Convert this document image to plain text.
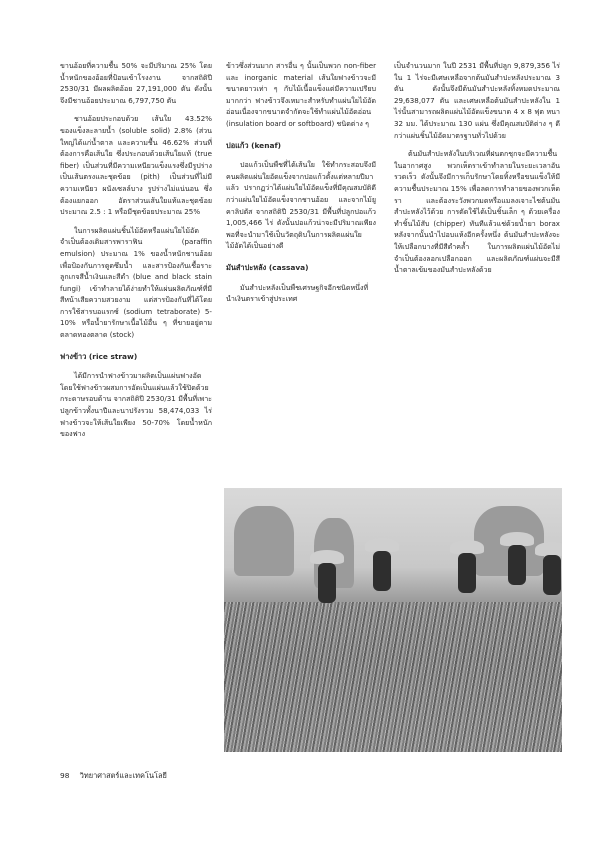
ขานอ้อยที่ความชื้น 50% จะมีปริมาณ 25% โดยน้ำหนักของอ้อยที่ป้อนเข้าโรงงาน จากสถิติปี 2530/31 มีผลผลิตอ้อย 27,191,000 ตัน ดังนั้นจึงมีชานอ้อยประมาณ 6,797,750 ตัน

ชานอ้อยประกอบด้วย เส้นใย 43.52% ของแข็งละลายน้ำ (soluble solid) 2.8% (ส่วนใหญ่ได้แก่น้ำตาล และความชื้น 46.62% ส่วนที่ต้องการคือเส้นใย ซึ่งประกอบด้วยเส้นใยแท้ (true fiber) เป็นส่วนที่มีความเหนียวแข็งแรงซึ่งมีรูปร่างเป็นเส้นตรงและชุดข้อย (pith) เป็นส่วนที่ไม่มีความเหนียว ผนังเซลล์บาง รูปร่างไม่แน่นอน ซึ่งต้องแยกออก อัตราส่วนเส้นใยแท้และชุดข้อยประมาณ 2.5 : 1 หรือมีชุดข้อยประมาณ 25%

ในการผลิตแผ่นชิ้นไม้อัดหรือแผ่นใยไม้อัด จำเป็นต้องเติมสารพาราฟิน (paraffin emulsion) ประมาณ 1% ของน้ำหนักชานอ้อย เพื่อป้องกันการดูดซึมน้ำ และสารป้องกันเชื้อราะลูกเกจสีน้ำเงินและสีดำ (blue and black stain fungi) เข้าทำลายได้ง่ายทำให้แผ่นผลิตภัณฑ์ที่มีสีหน้าเสียความสวยงาม แต่สารป้องกันที่ได้โดยการใช้สารบอแรกซ์ (sodium tetraborate) 5-10% หรือน้ำยารักษาเนื้อไม้อื่น ๆ ที่ขายอยู่ตามตลาดทองตลาด (stock)

ฟางข้าว (rice straw)

ได้มีการนำฟางข้าวมาผลิตเป็นแผ่นฟางอัด โดยใช้ฟางข้าวผสมการอัดเป็นแผ่นแล้วใช้ปิดด้วยกระดาษรอบด้าน จากสถิติปี 2530/31 มีพื้นที่เพาะปลูกข้าวทั้งนาปีและนาปรังรวม 58,474,033 ไร่ ฟางข้าวจะให้เส้นใยเพียง 50-70% โดยน้ำหนักของฟาง

ข้าวซึ่งส่วนมาก สารอื่น ๆ นั้นเป็นพวก non-fiber และ inorganic material เส้นใยฟางข้าวจะมีขนาดยาวเท่า ๆ กับไม้เนื้อแข็งแต่มีความเปรียบมากกว่า ฟางข้าวจึงเหมาะสำหรับทำแผ่นใยไม้อัดอ่อนเนื่องจากขนาดจำกัดจะใช้ทำแผ่นไม้อัดอ่อน (insulation board or softboard) ชนิดต่าง ๆ

ปอแก้ว (kenaf)

ปอแก้วเป็นพืชที่ได้เส้นใย ใช้ทำกระสอบจึงมีคนผลิตแผ่นใยอัดแข็งจากปอแก้วตั้งแต่หลายปีมาแล้ว ปรากฏว่าได้แผ่นใยไม้อัดแข็งที่มีคุณสมบัติดีกว่าแผ่นใยไม้อัดแข็งจากชานอ้อย และจากไม้ยูคาลิปตัส จากสถิติปี 2530/31 มีพื้นที่ปลูกปอแก้ว 1,005,466 ไร่ ดังนั้นปอแก้วน่าจะมีปริมาณเพียงพอที่จะนำมาใช้เป็นวัตถุดิบในการผลิตแผ่นใยไม้อัดได้เป็นอย่างดี

มันสำปะหลัง (cassava)

มันสำปะหลังเป็นพืชเศรษฐกิจอีกชนิดหนึ่งที่นำเงินตราเข้าสู่ประเทศ

เป็นจำนวนมาก ในปี 2531 มีพื้นที่ปลูก 9,879,356 ไร่ ใน 1 ไร่จะมีเศษเหลือจากต้นมันสำปะหลังประมาณ 3 ตัน ดังนั้นจึงมีต้นมันสำปะหลังทิ้งหมดประมาณ 29,638,077 ตัน และเศษเหลือต้นมันสำปะหลังใน 1 ไร่นั้นสามารถผลิตแผ่นไม้อัดแข็งขนาด 4 x 8 ฟุต หนา 32 มม. ได้ประมาณ 130 แผ่น ซึ่งมีคุณสมบัติต่าง ๆ ดีกว่าแผ่นชิ้นไม้อัดมาตรฐานทั่วไปด้วย

ต้นมันสำปะหลังในบริเวณที่ฝนตกชุกจะมีความชื้นในอากาศสูง พวกเห็ดราเข้าทำลายในระยะเวลาอันรวดเร็ว ดังนั้นจึงมีการเก็บรักษาโดยทิ้งหรือขนแข็งให้มีความชื้นประมาณ 15% เพื่อลดการทำลายของพวกเห็ดรา และต้องระวังพวกมดหรือแมลงเจาะไชต้นมันสำปะหลังไว้ด้วย การตัดใช้ได้เป็นชิ้นเล็ก ๆ ด้วยเครื่องทำชิ้นไม้สับ (chipper) ทันทีแล้วแช่ด้วยน้ำยา borax หลังจากนั้นนำไปอบแห้งอีกครั้งหนึ่ง ต้นมันสำปะหลังจะให้เปลือกบางที่มีสีดำคล้ำ ในการผลิตแผ่นไม้อัดไม่จำเป็นต้องลอกเปลือกออก และผลิตภัณฑ์แผ่นจะมีสีน้ำตาลเข้มของมันสำปะหลังด้วย

98 วิทยาศาสตร์และเทคโนโลยี
